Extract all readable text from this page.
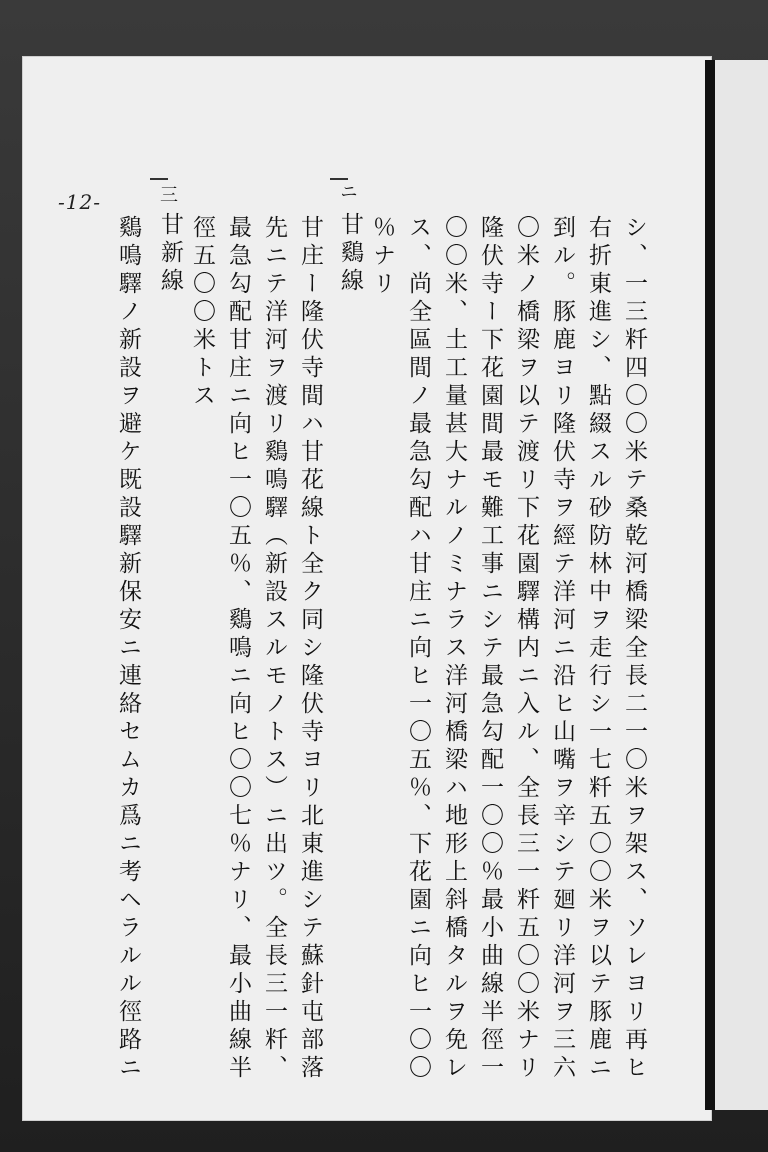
-12-
シ、一三粁四〇〇米テ桑乾河橋梁全長二一〇米ヲ架ス、ソレヨリ再ヒ
右折東進シ、點綴スル砂防林中ヲ走行シ一七粁五〇〇米ヲ以テ豚鹿ニ
到ル。豚鹿ヨリ隆伏寺ヲ經テ洋河ニ沿ヒ山嘴ヲ辛シテ廻リ洋河ヲ三六
〇米ノ橋梁ヲ以テ渡リ下花園驛構内ニ入ル、全長三一粁五〇〇米ナリ
隆伏寺ー下花園間最モ難工事ニシテ最急勾配一〇〇％最小曲線半徑一
〇〇米、土工量甚大ナルノミナラス洋河橋梁ハ地形上斜橋タルヲ免レ
ス、尚全區間ノ最急勾配ハ甘庄ニ向ヒ一〇五％、下花園ニ向ヒ一〇〇
％ナリ
ニ
甘鷄線
甘庄ー隆伏寺間ハ甘花線ト全ク同シ隆伏寺ヨリ北東進シテ蘇針屯部落
先ニテ洋河ヲ渡リ鷄鳴驛（新設スルモノトス）ニ出ツ。全長三一粁、
最急勾配甘庄ニ向ヒ一〇五％、鷄鳴ニ向ヒ〇〇七％ナリ、最小曲線半
徑五〇〇米トス
三
甘新線
鷄鳴驛ノ新設ヲ避ケ既設驛新保安ニ連絡セムカ爲ニ考ヘラルル徑路ニ
